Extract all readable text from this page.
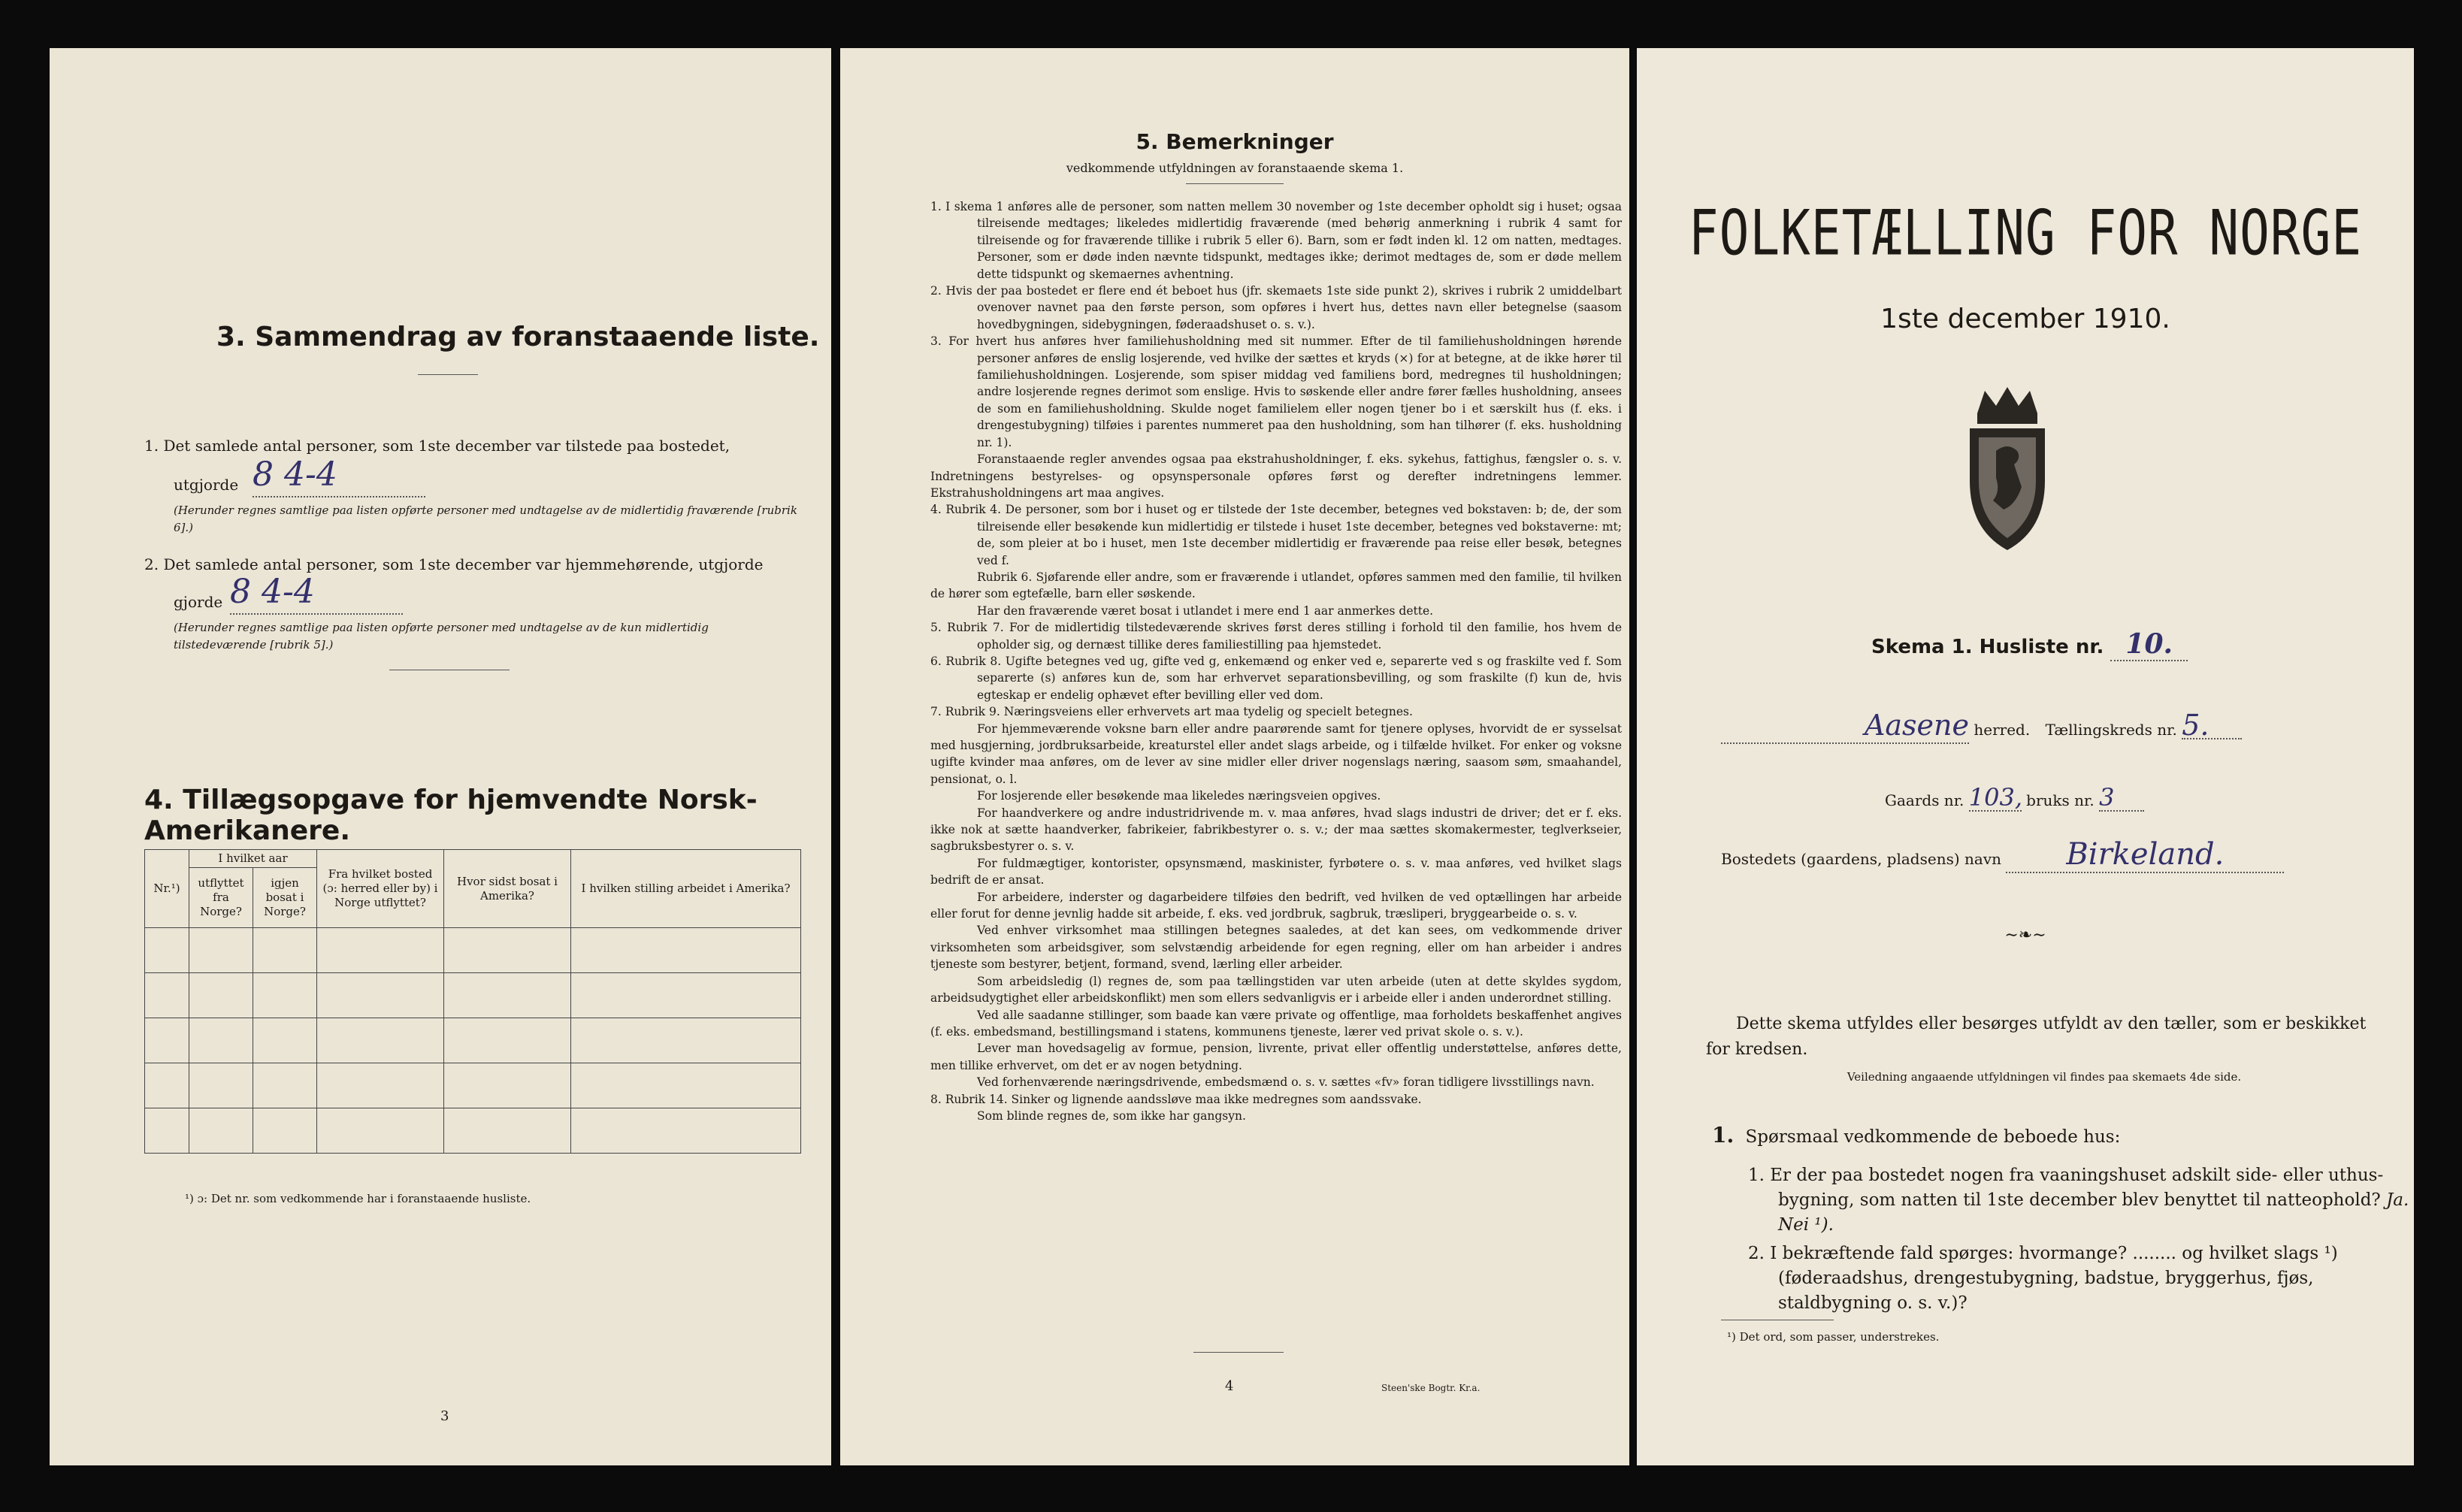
3. Sammendrag av foranstaaende liste.
1. Det samlede antal personer, som 1ste december var tilstede paa bostedet,
utgjorde 8 4-4
(Herunder regnes samtlige paa listen opførte personer med undtagelse av de midlertidig fraværende [rubrik 6].)
2. Det samlede antal personer, som 1ste december var hjemmehørende, utgjorde
gjorde 8 4-4
(Herunder regnes samtlige paa listen opførte personer med undtagelse av de kun midlertidig tilstedeværende [rubrik 5].)
4. Tillægsopgave for hjemvendte Norsk-Amerikanere.
Nr.¹)	I hvilket aar		Fra hvilket bosted (ɔ: herred eller by) i Norge utflyttet?	Hvor sidst bosat i Amerika?	I hvilken stilling arbeidet i Amerika?
	utflyttet fra Norge?	igjen bosat i Norge?			

¹) ɔ: Det nr. som vedkommende har i foranstaaende husliste.
3
5. Bemerkninger
vedkommende utfyldningen av foranstaaende skema 1.

1. I skema 1 anføres alle de personer, som natten mellem 30 november og 1ste december opholdt sig i huset; ogsaa tilreisende medtages; likeledes midlertidig fraværende (med behørig anmerkning i rubrik 4 samt for tilreisende og for fraværende tillike i rubrik 5 eller 6). Barn, som er født inden kl. 12 om natten, medtages. Personer, som er døde inden nævnte tidspunkt, medtages ikke; derimot medtages de, som er døde mellem dette tidspunkt og skemaernes avhentning.

2. Hvis der paa bostedet er flere end ét beboet hus (jfr. skemaets 1ste side punkt 2), skrives i rubrik 2 umiddelbart ovenover navnet paa den første person, som opføres i hvert hus, dettes navn eller betegnelse (saasom hovedbygningen, sidebygningen, føderaadshuset o. s. v.).

3. For hvert hus anføres hver familiehusholdning med sit nummer. Efter de til familiehusholdningen hørende personer anføres de enslig losjerende, ved hvilke der sættes et kryds (×) for at betegne, at de ikke hører til familiehusholdningen. Losjerende, som spiser middag ved familiens bord, medregnes til husholdningen; andre losjerende regnes derimot som enslige. Hvis to søskende eller andre fører fælles husholdning, ansees de som en familiehusholdning. Skulde noget familielem eller nogen tjener bo i et særskilt hus (f. eks. i drengestubygning) tilføies i parentes nummeret paa den husholdning, som han tilhører (f. eks. husholdning nr. 1).

Foranstaaende regler anvendes ogsaa paa ekstrahusholdninger, f. eks. sykehus, fattighus, fængsler o. s. v. Indretningens bestyrelses- og opsynspersonale opføres først og derefter indretningens lemmer. Ekstrahusholdningens art maa angives.

4. Rubrik 4. De personer, som bor i huset og er tilstede der 1ste december, betegnes ved bokstaven: b; de, der som tilreisende eller besøkende kun midlertidig er tilstede i huset 1ste december, betegnes ved bokstaverne: mt; de, som pleier at bo i huset, men 1ste december midlertidig er fraværende paa reise eller besøk, betegnes ved f.

Rubrik 6. Sjøfarende eller andre, som er fraværende i utlandet, opføres sammen med den familie, til hvilken de hører som egtefælle, barn eller søskende.

Har den fraværende været bosat i utlandet i mere end 1 aar anmerkes dette.

5. Rubrik 7. For de midlertidig tilstedeværende skrives først deres stilling i forhold til den familie, hos hvem de opholder sig, og dernæst tillike deres familiestilling paa hjemstedet.

6. Rubrik 8. Ugifte betegnes ved ug, gifte ved g, enkemænd og enker ved e, separerte ved s og fraskilte ved f. Som separerte (s) anføres kun de, som har erhvervet separationsbevilling, og som fraskilte (f) kun de, hvis egteskap er endelig ophævet efter bevilling eller ved dom.

7. Rubrik 9. Næringsveiens eller erhvervets art maa tydelig og specielt betegnes.

For hjemmeværende voksne barn eller andre paarørende samt for tjenere oplyses, hvorvidt de er sysselsat med husgjerning, jordbruksarbeide, kreaturstel eller andet slags arbeide, og i tilfælde hvilket. For enker og voksne ugifte kvinder maa anføres, om de lever av sine midler eller driver nogenslags næring, saasom søm, smaahandel, pensionat, o. l.

For losjerende eller besøkende maa likeledes næringsveien opgives.

For haandverkere og andre industridrivende m. v. maa anføres, hvad slags industri de driver; det er f. eks. ikke nok at sætte haandverker, fabrikeier, fabrikbestyrer o. s. v.; der maa sættes skomakermester, teglverkseier, sagbruksbestyrer o. s. v.

For fuldmægtiger, kontorister, opsynsmænd, maskinister, fyrbøtere o. s. v. maa anføres, ved hvilket slags bedrift de er ansat.

For arbeidere, inderster og dagarbeidere tilføies den bedrift, ved hvilken de ved optællingen har arbeide eller forut for denne jevnlig hadde sit arbeide, f. eks. ved jordbruk, sagbruk, træsliperi, bryggearbeide o. s. v.

Ved enhver virksomhet maa stillingen betegnes saaledes, at det kan sees, om vedkommende driver virksomheten som arbeidsgiver, som selvstændig arbeidende for egen regning, eller om han arbeider i andres tjeneste som bestyrer, betjent, formand, svend, lærling eller arbeider.

Som arbeidsledig (l) regnes de, som paa tællingstiden var uten arbeide (uten at dette skyldes sygdom, arbeidsudygtighet eller arbeidskonflikt) men som ellers sedvanligvis er i arbeide eller i anden underordnet stilling.

Ved alle saadanne stillinger, som baade kan være private og offentlige, maa forholdets beskaffenhet angives (f. eks. embedsmand, bestillingsmand i statens, kommunens tjeneste, lærer ved privat skole o. s. v.).

Lever man hovedsagelig av formue, pension, livrente, privat eller offentlig understøttelse, anføres dette, men tillike erhvervet, om det er av nogen betydning.

Ved forhenværende næringsdrivende, embedsmænd o. s. v. sættes «fv» foran tidligere livsstillings navn.

8. Rubrik 14. Sinker og lignende aandssløve maa ikke medregnes som aandssvake.

Som blinde regnes de, som ikke har gangsyn.

4	Steen'ske Bogtr. Kr.a.
FOLKETÆLLING FOR NORGE
1ste december 1910.
Skema 1. Husliste nr. 10.
Aasene herred. Tællingskreds nr. 5.
Gaards nr. 103, bruks nr. 3
Bostedets (gaardens, pladsens) navn Birkeland.
∼❧∼
Dette skema utfyldes eller besørges utfyldt av den tæller, som er beskikket for kredsen.
Veiledning angaaende utfyldningen vil findes paa skemaets 4de side.
1. Spørsmaal vedkommende de beboede hus:
1. Er der paa bostedet nogen fra vaaningshuset adskilt side- eller uthus-bygning, som natten til 1ste december blev benyttet til natteophold? Ja. Nei ¹).
2. I bekræftende fald spørges: hvormange? ........ og hvilket slags ¹) (føderaadshus, drengestubygning, badstue, bryggerhus, fjøs, staldbygning o. s. v.)?
¹) Det ord, som passer, understrekes.
